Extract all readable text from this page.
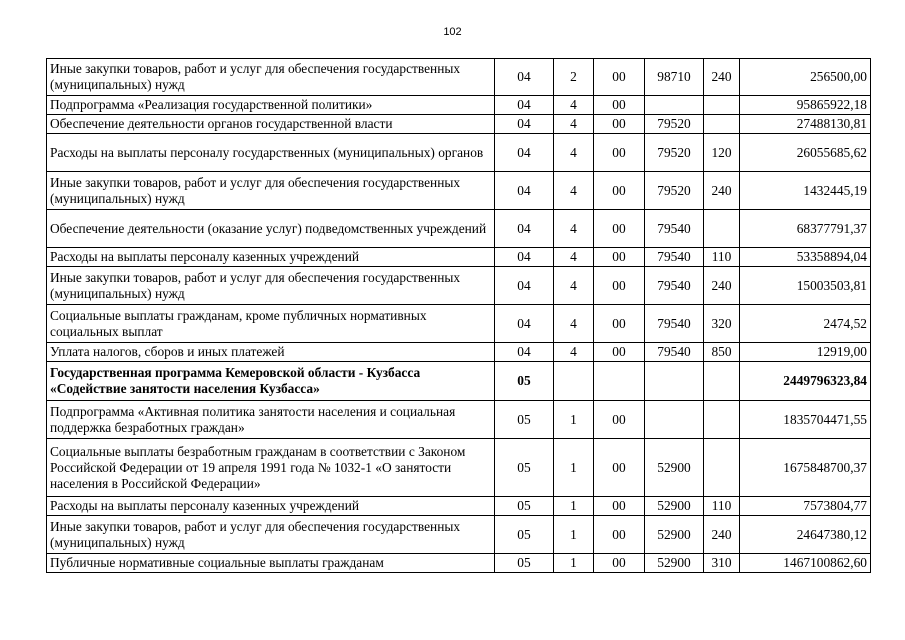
102
Иные закупки товаров, работ и услуг для обеспечения государственных (муниципальных) нужд	04	2	00	98710	240	256500,00
Подпрограмма «Реализация государственной политики»	04	4	00			95865922,18
Обеспечение деятельности органов государственной власти	04	4	00	79520		27488130,81
Расходы на выплаты персоналу государственных (муниципальных) органов	04	4	00	79520	120	26055685,62
Иные закупки товаров, работ и услуг для обеспечения государственных (муниципальных) нужд	04	4	00	79520	240	1432445,19
Обеспечение деятельности (оказание услуг) подведомственных учреждений	04	4	00	79540		68377791,37
Расходы на выплаты персоналу казенных учреждений	04	4	00	79540	110	53358894,04
Иные закупки товаров, работ и услуг для обеспечения государственных (муниципальных) нужд	04	4	00	79540	240	15003503,81
Социальные выплаты гражданам, кроме публичных нормативных социальных выплат	04	4	00	79540	320	2474,52
Уплата налогов, сборов и иных платежей	04	4	00	79540	850	12919,00
Государственная программа Кемеровской области - Кузбасса «Содействие занятости населения Кузбасса»	05					2449796323,84
Подпрограмма «Активная политика занятости населения и социальная поддержка безработных граждан»	05	1	00			1835704471,55
Социальные выплаты безработным гражданам в соответствии с Законом Российской Федерации от 19 апреля 1991 года № 1032-1 «О занятости населения в Российской Федерации»	05	1	00	52900		1675848700,37
Расходы на выплаты персоналу казенных учреждений	05	1	00	52900	110	7573804,77
Иные закупки товаров, работ и услуг для обеспечения государственных (муниципальных) нужд	05	1	00	52900	240	24647380,12
Публичные нормативные социальные выплаты гражданам	05	1	00	52900	310	1467100862,60
